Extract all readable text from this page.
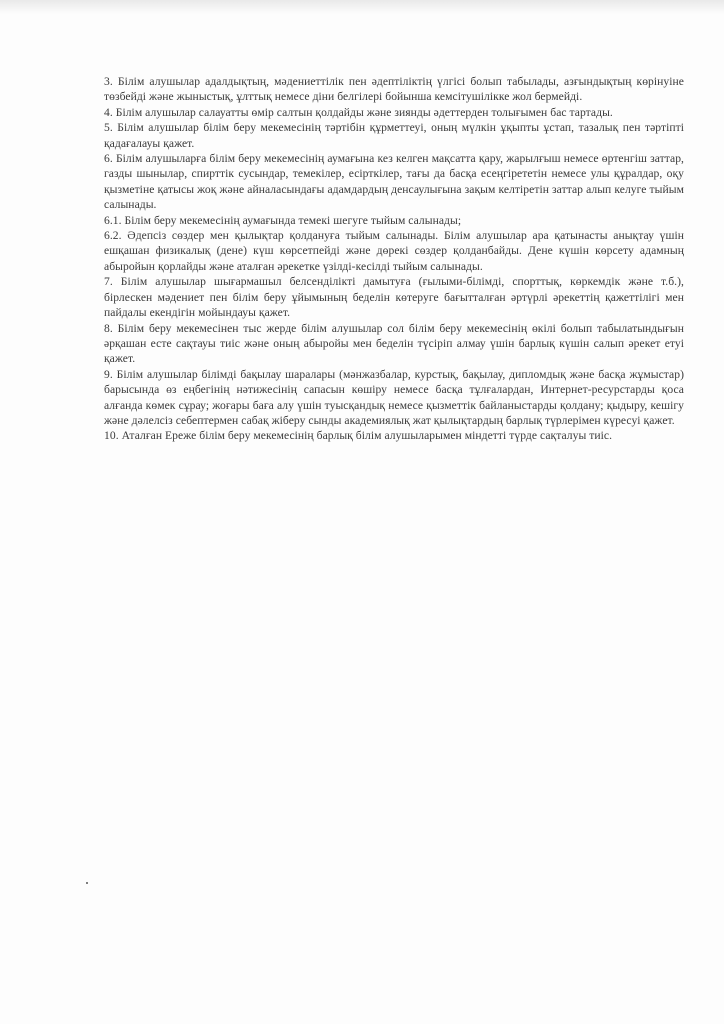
3. Білім алушылар адалдықтың, мәдениеттілік пен әдептіліктің үлгісі болып табылады, азғындықтың көрінуіне төзбейді және жыныстық, ұлттық немесе діни белгілері бойынша кемсітушілікке жол бермейді.

4. Білім алушылар салауатты өмір салтын қолдайды және зиянды әдеттерден толығымен бас тартады.

5. Білім алушылар білім беру мекемесінің тәртібін құрметтеуі, оның мүлкін ұқыпты ұстап, тазалық пен тәртіпті қадағалауы қажет.

6. Білім алушыларға білім беру мекемесінің аумағына кез келген мақсатта қару, жарылғыш немесе өртенгіш заттар, газды шынылар, спирттік сусындар, темекілер, есірткілер, тағы да басқа есеңгірететін немесе улы құралдар, оқу қызметіне қатысы жоқ және айналасындағы адамдардың денсаулығына зақым келтіретін заттар алып келуге тыйым салынады.

6.1. Білім беру мекемесінің аумағында темекі шегуге тыйым салынады;

6.2. Әдепсіз сөздер мен қылықтар қолдануға тыйым салынады. Білім алушылар ара қатынасты анықтау үшін ешқашан физикалық (дене) күш көрсетпейді және дөрекі сөздер қолданбайды. Дене күшін көрсету адамның абыройын қорлайды және аталған әрекетке үзілді-кесілді тыйым салынады.

7. Білім алушылар шығармашыл белсенділікті дамытуға (ғылыми-білімді, спорттық, көркемдік және т.б.), бірлескен мәдениет пен білім беру ұйымының беделін көтеруге бағытталған әртүрлі әрекеттің қажеттілігі мен пайдалы екендігін мойындауы қажет.

8. Білім беру мекемесінен тыс жерде білім алушылар сол білім беру мекемесінің өкілі болып табылатындығын әрқашан есте сақтауы тиіс және оның абыройы мен беделін түсіріп алмау үшін барлық күшін салып әрекет етуі қажет.

9. Білім алушылар білімді бақылау шаралары (мәнжазбалар, курстық, бақылау, дипломдық және басқа жұмыстар) барысында өз еңбегінің нәтижесінің сапасын көшіру немесе басқа тұлғалардан, Интернет-ресурстарды қоса алғанда көмек сұрау; жоғары баға алу үшін туысқандық немесе қызметтік байланыстарды қолдану; қыдыру, кешігу және дәлелсіз себептермен сабақ жіберу сынды академиялық жат қылықтардың барлық түрлерімен күресуі қажет.

10. Аталған Ереже білім беру мекемесінің барлық білім алушыларымен міндетті түрде сақталуы тиіс.
